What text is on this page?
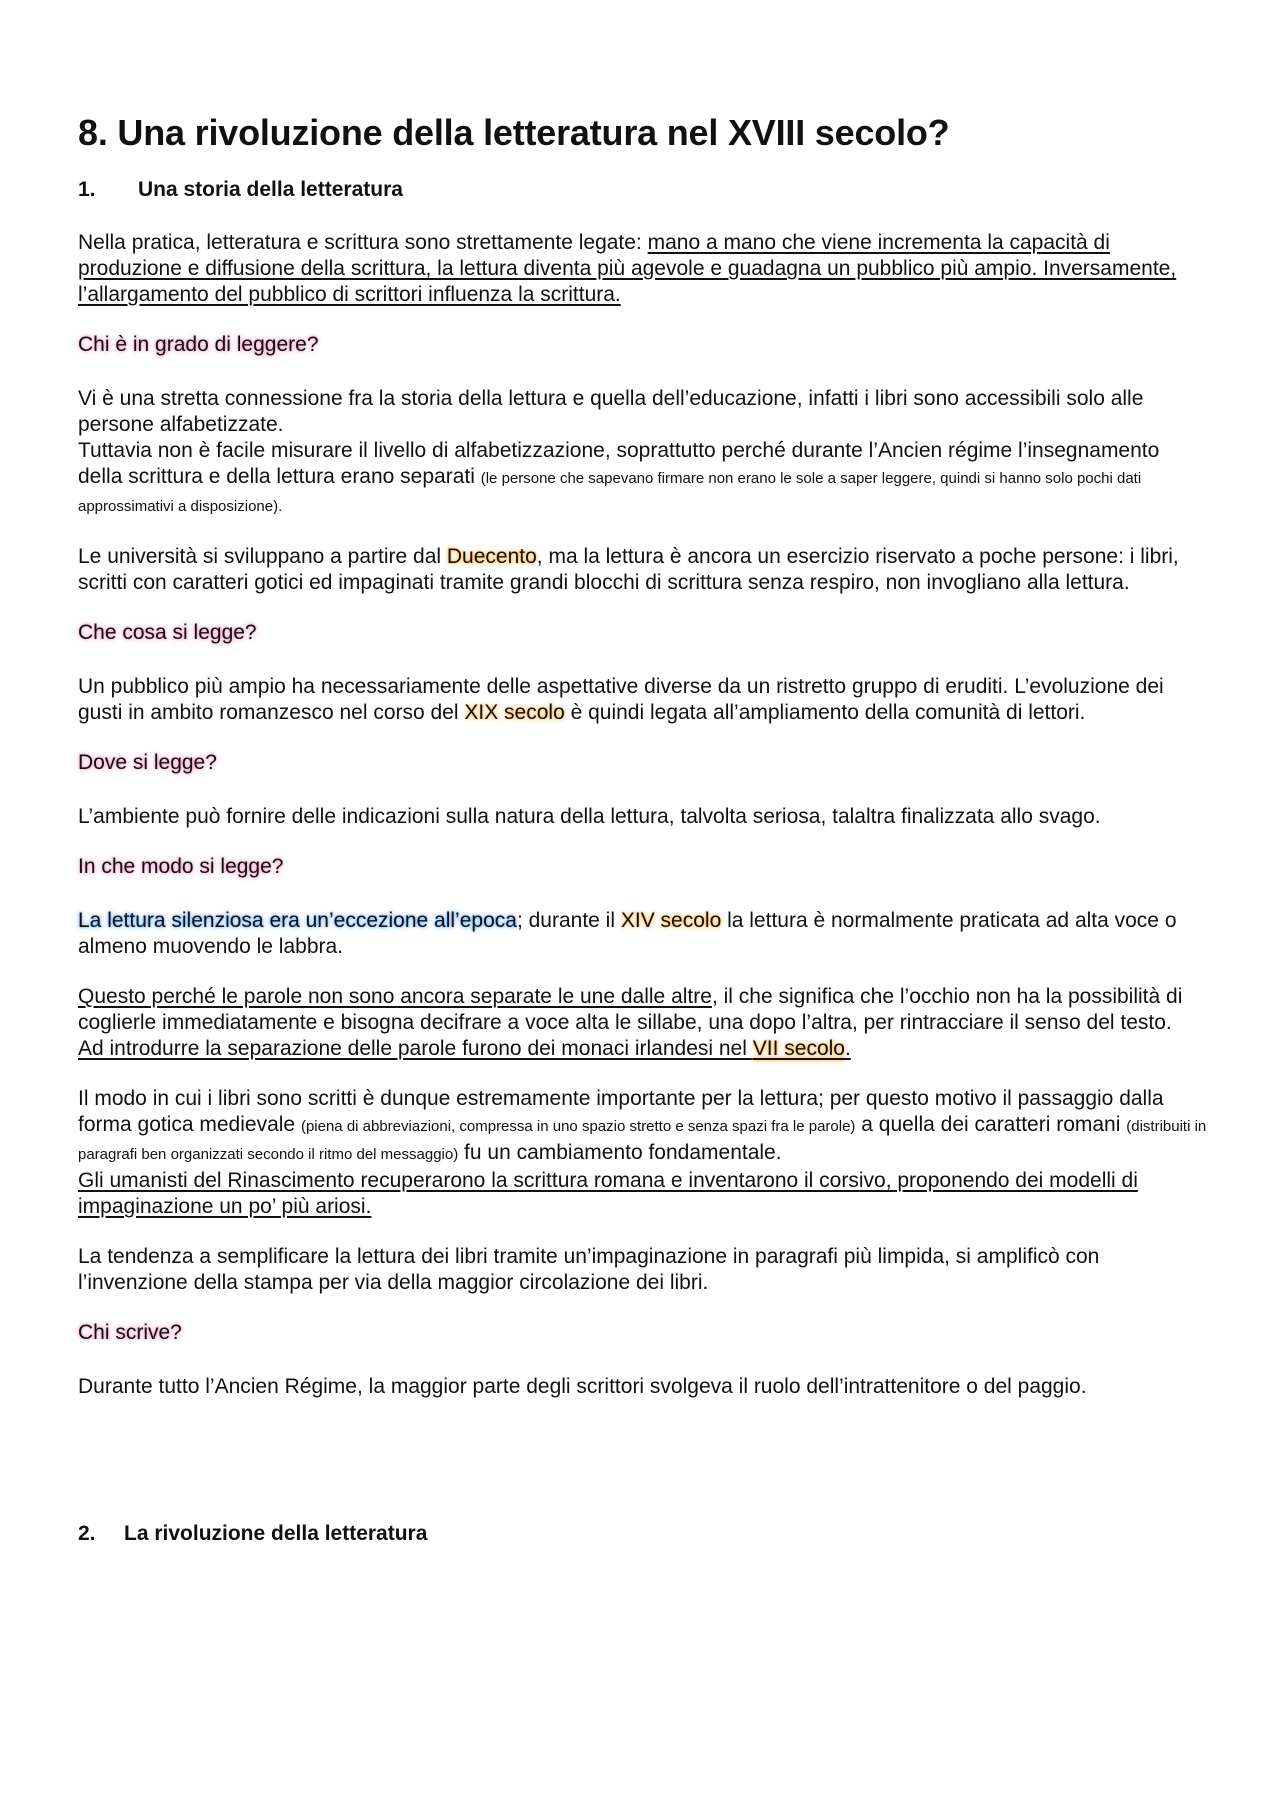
8. Una rivoluzione della letteratura nel XVIII secolo?
1.	Una storia della letteratura

Nella pratica, letteratura e scrittura sono strettamente legate: mano a mano che viene incrementa la capacità di produzione e diffusione della scrittura, la lettura diventa più agevole e guadagna un pubblico più ampio. Inversamente, l’allargamento del pubblico di scrittori influenza la scrittura.

Chi è in grado di leggere?

Vi è una stretta connessione fra la storia della lettura e quella dell’educazione, infatti i libri sono accessibili solo alle persone alfabetizzate.
Tuttavia non è facile misurare il livello di alfabetizzazione, soprattutto perché durante l’Ancien régime l’insegnamento della scrittura e della lettura erano separati (le persone che sapevano firmare non erano le sole a saper leggere, quindi si hanno solo pochi dati approssimativi a disposizione).

Le università si sviluppano a partire dal Duecento, ma la lettura è ancora un esercizio riservato a poche persone: i libri, scritti con caratteri gotici ed impaginati tramite grandi blocchi di scrittura senza respiro, non invogliano alla lettura.

Che cosa si legge?

Un pubblico più ampio ha necessariamente delle aspettative diverse da un ristretto gruppo di eruditi. L’evoluzione dei gusti in ambito romanzesco nel corso del XIX secolo è quindi legata all’ampliamento della comunità di lettori.

Dove si legge?

L’ambiente può fornire delle indicazioni sulla natura della lettura, talvolta seriosa, talaltra finalizzata allo svago.

In che modo si legge?

La lettura silenziosa era un’eccezione all’epoca; durante il XIV secolo la lettura è normalmente praticata ad alta voce o almeno muovendo le labbra.

Questo perché le parole non sono ancora separate le une dalle altre, il che significa che l’occhio non ha la possibilità di coglierle immediatamente e bisogna decifrare a voce alta le sillabe, una dopo l’altra, per rintracciare il senso del testo.
Ad introdurre la separazione delle parole furono dei monaci irlandesi nel VII secolo.

Il modo in cui i libri sono scritti è dunque estremamente importante per la lettura; per questo motivo il passaggio dalla forma gotica medievale (piena di abbreviazioni, compressa in uno spazio stretto e senza spazi fra le parole) a quella dei caratteri romani (distribuiti in paragrafi ben organizzati secondo il ritmo del messaggio) fu un cambiamento fondamentale.
Gli umanisti del Rinascimento recuperarono la scrittura romana e inventarono il corsivo, proponendo dei modelli di impaginazione un po’ più ariosi.

La tendenza a semplificare la lettura dei libri tramite un’impaginazione in paragrafi più limpida, si amplificò con l’invenzione della stampa per via della maggior circolazione dei libri.

Chi scrive?

Durante tutto l’Ancien Régime, la maggior parte degli scrittori svolgeva il ruolo dell’intrattenitore o del paggio.

2.	La rivoluzione della letteratura
